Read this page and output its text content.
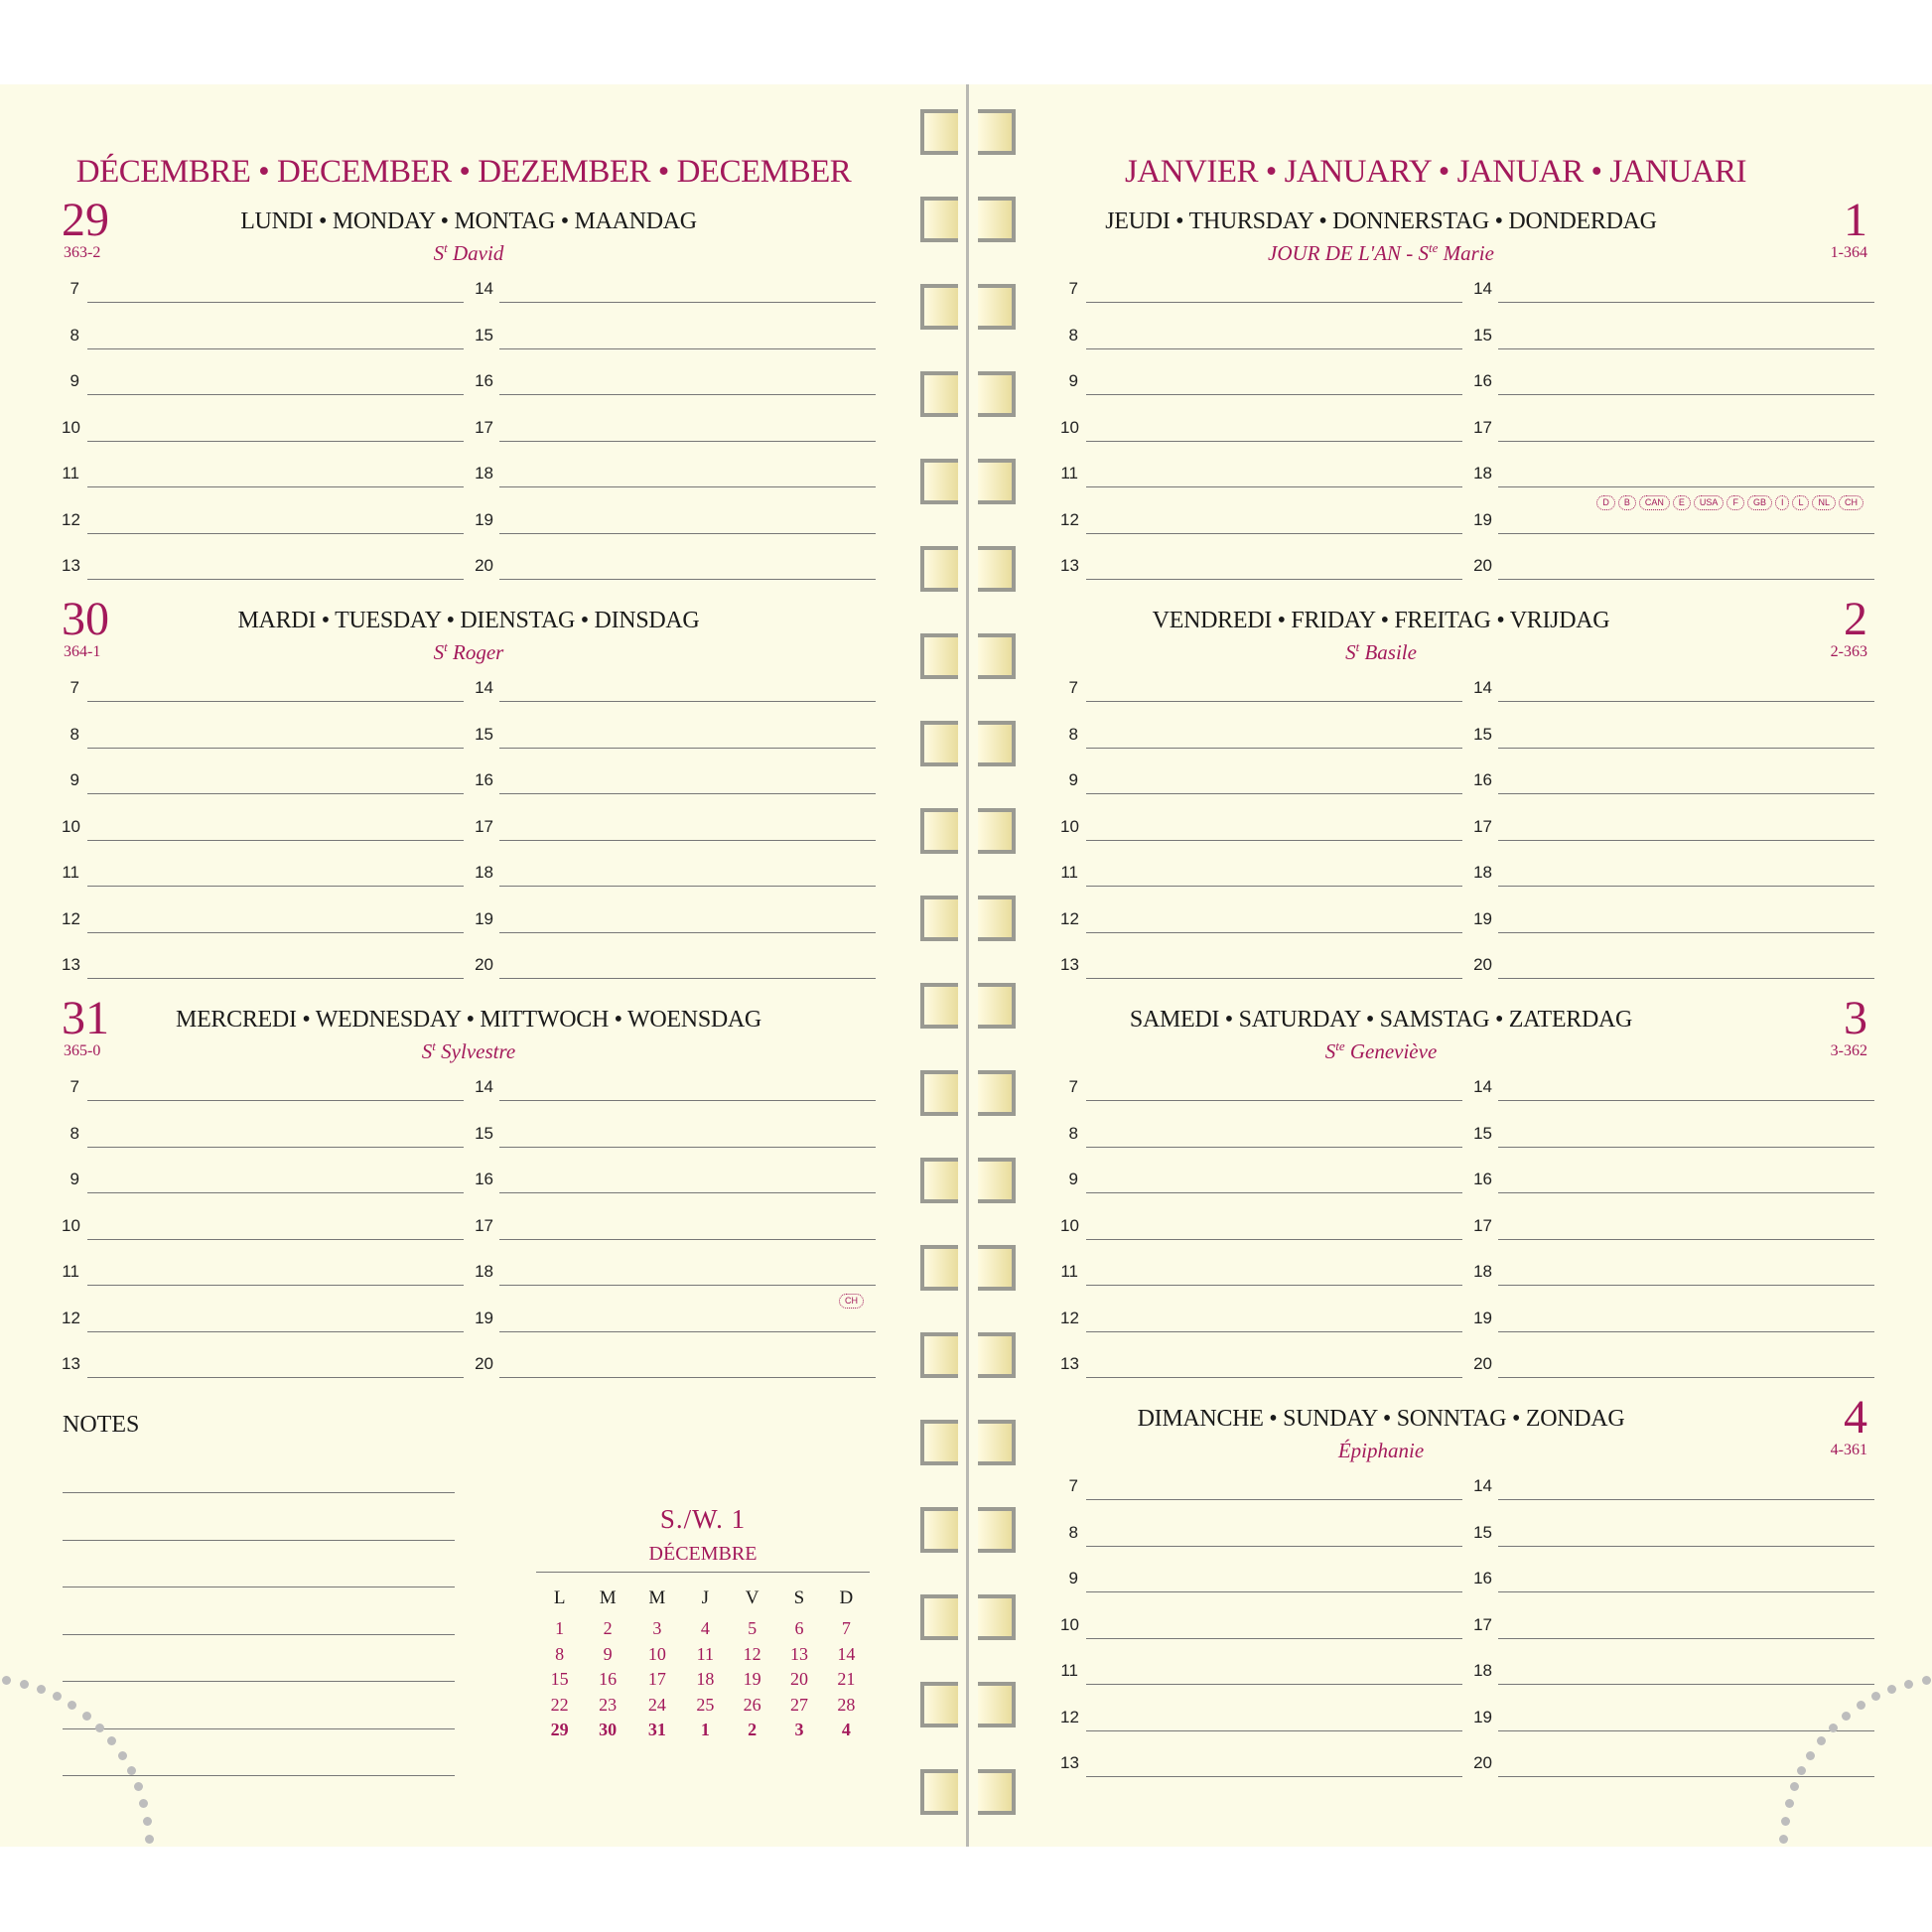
DÉCEMBRE • DECEMBER • DEZEMBER • DECEMBER
29	LUNDI • MONDAY • MONTAG • MAANDAG
$S^t$ David
363-2
7
8
9
10
11
12
13
14
15
16
17
18
19
20
30	MARDI • TUESDAY • DIENSTAG • DINSDAG
$S^t$ Roger
364-1
7
8
9
10
11
12
13
14
15
16
17
18
19
20
31	MERCREDI • WEDNESDAY • MITTWOCH • WOENSDAG
$S^t$ Sylvestre
365-0
7
8
9
10
11
12
13
14
15
16
17
18
19
20
CH
NOTES
S./W. 1
DÉCEMBRE
L	M	M	J	V	S	D
1	2	3	4	5	6	7
8	9	10	11	12	13	14
15	16	17	18	19	20	21
22	23	24	25	26	27	28
29	30	31	1	2	3	4
JANVIER • JANUARY • JANUAR • JANUARI
1
JEUDI • THURSDAY • DONNERSTAG • DONDERDAG
JOUR DE $L'AN - S^{te}$ Marie	1-364
7
8
9
10
11
12
13
14
15
16
17
18
19
20
D	B	CAN	E	USA	F	GB	I	L	NL	CH
2
VENDREDI • FRIDAY • FREITAG • VRIJDAG
$S^t$ Basile	2-363
7
8
9
10
11
12
13
14
15
16
17
18
19
20
3
SAMEDI • SATURDAY • SAMSTAG • ZATERDAG
$S^{te}$ Geneviève	3-362
7
8
9
10
11
12
13
14
15
16
17
18
19
20
4
DIMANCHE • SUNDAY • SONNTAG • ZONDAG
Épiphanie	4-361
7
8
9
10
11
12
13
14
15
16
17
18
19
20
